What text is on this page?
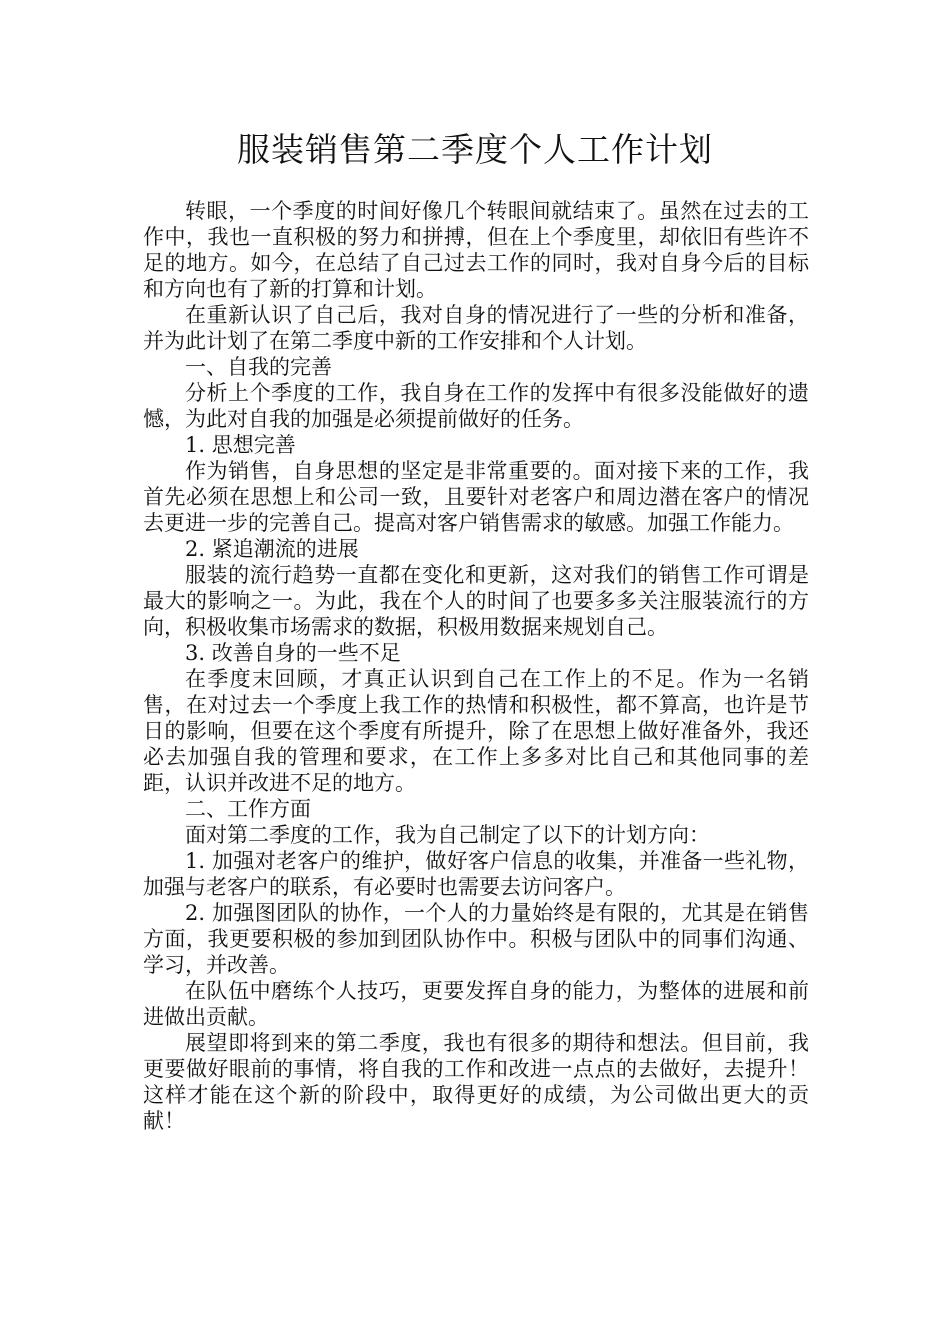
服装销售第二季度个人工作计划

转眼，一个季度的时间好像几个转眼间就结束了。虽然在过去的工作中，我也一直积极的努力和拼搏，但在上个季度里，却依旧有些许不足的地方。如今，在总结了自己过去工作的同时，我对自身今后的目标和方向也有了新的打算和计划。

在重新认识了自己后，我对自身的情况进行了一些的分析和准备，并为此计划了在第二季度中新的工作安排和个人计划。

一、自我的完善

分析上个季度的工作，我自身在工作的发挥中有很多没能做好的遗憾，为此对自我的加强是必须提前做好的任务。

1. 思想完善

作为销售，自身思想的坚定是非常重要的。面对接下来的工作，我首先必须在思想上和公司一致，且要针对老客户和周边潜在客户的情况去更进一步的完善自己。提高对客户销售需求的敏感。加强工作能力。

2. 紧追潮流的进展

服装的流行趋势一直都在变化和更新，这对我们的销售工作可谓是最大的影响之一。为此，我在个人的时间了也要多多关注服装流行的方向，积极收集市场需求的数据，积极用数据来规划自己。

3. 改善自身的一些不足

在季度末回顾，才真正认识到自己在工作上的不足。作为一名销售，在对过去一个季度上我工作的热情和积极性，都不算高，也许是节日的影响，但要在这个季度有所提升，除了在思想上做好准备外，我还必去加强自我的管理和要求，在工作上多多对比自己和其他同事的差距，认识并改进不足的地方。

二、工作方面

面对第二季度的工作，我为自己制定了以下的计划方向：

1. 加强对老客户的维护，做好客户信息的收集，并准备一些礼物，加强与老客户的联系，有必要时也需要去访问客户。

2. 加强图团队的协作，一个人的力量始终是有限的，尤其是在销售方面，我更要积极的参加到团队协作中。积极与团队中的同事们沟通、学习，并改善。

在队伍中磨练个人技巧，更要发挥自身的能力，为整体的进展和前进做出贡献。

展望即将到来的第二季度，我也有很多的期待和想法。但目前，我更要做好眼前的事情，将自我的工作和改进一点点的去做好，去提升！这样才能在这个新的阶段中，取得更好的成绩，为公司做出更大的贡献！
